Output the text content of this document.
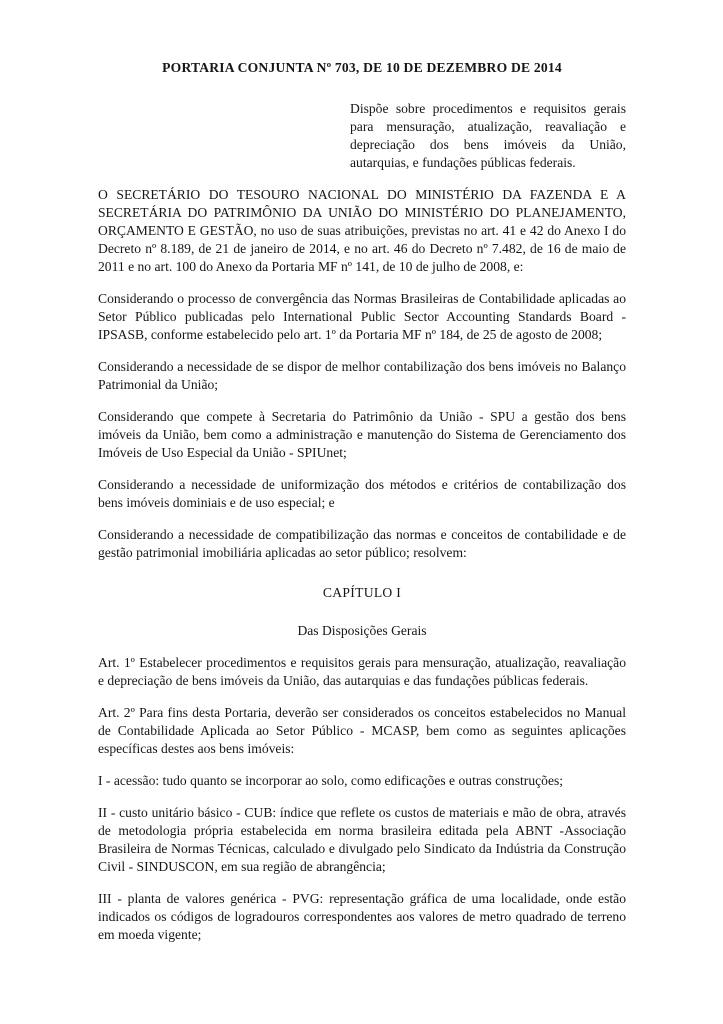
PORTARIA CONJUNTA Nº 703, DE 10 DE DEZEMBRO DE 2014

Dispõe sobre procedimentos e requisitos gerais para mensuração, atualização, reavaliação e depreciação dos bens imóveis da União, autarquias, e fundações públicas federais.

O SECRETÁRIO DO TESOURO NACIONAL DO MINISTÉRIO DA FAZENDA E A SECRETÁRIA DO PATRIMÔNIO DA UNIÃO DO MINISTÉRIO DO PLANEJAMENTO, ORÇAMENTO E GESTÃO, no uso de suas atribuições, previstas no art. 41 e 42 do Anexo I do Decreto nº 8.189, de 21 de janeiro de 2014, e no art. 46 do Decreto nº 7.482, de 16 de maio de 2011 e no art. 100 do Anexo da Portaria MF nº 141, de 10 de julho de 2008, e:

Considerando o processo de convergência das Normas Brasileiras de Contabilidade aplicadas ao Setor Público publicadas pelo International Public Sector Accounting Standards Board - IPSASB, conforme estabelecido pelo art. 1º da Portaria MF nº 184, de 25 de agosto de 2008;

Considerando a necessidade de se dispor de melhor contabilização dos bens imóveis no Balanço Patrimonial da União;

Considerando que compete à Secretaria do Patrimônio da União - SPU a gestão dos bens imóveis da União, bem como a administração e manutenção do Sistema de Gerenciamento dos Imóveis de Uso Especial da União - SPIUnet;

Considerando a necessidade de uniformização dos métodos e critérios de contabilização dos bens imóveis dominiais e de uso especial; e

Considerando a necessidade de compatibilização das normas e conceitos de contabilidade e de gestão patrimonial imobiliária aplicadas ao setor público; resolvem:

CAPÍTULO I
Das Disposições Gerais

Art. 1º Estabelecer procedimentos e requisitos gerais para mensuração, atualização, reavaliação e depreciação de bens imóveis da União, das autarquias e das fundações públicas federais.

Art. 2º Para fins desta Portaria, deverão ser considerados os conceitos estabelecidos no Manual de Contabilidade Aplicada ao Setor Público - MCASP, bem como as seguintes aplicações específicas destes aos bens imóveis:

I - acessão: tudo quanto se incorporar ao solo, como edificações e outras construções;

II - custo unitário básico - CUB: índice que reflete os custos de materiais e mão de obra, através de metodologia própria estabelecida em norma brasileira editada pela ABNT -Associação Brasileira de Normas Técnicas, calculado e divulgado pelo Sindicato da Indústria da Construção Civil - SINDUSCON, em sua região de abrangência;

III - planta de valores genérica - PVG: representação gráfica de uma localidade, onde estão indicados os códigos de logradouros correspondentes aos valores de metro quadrado de terreno em moeda vigente;
